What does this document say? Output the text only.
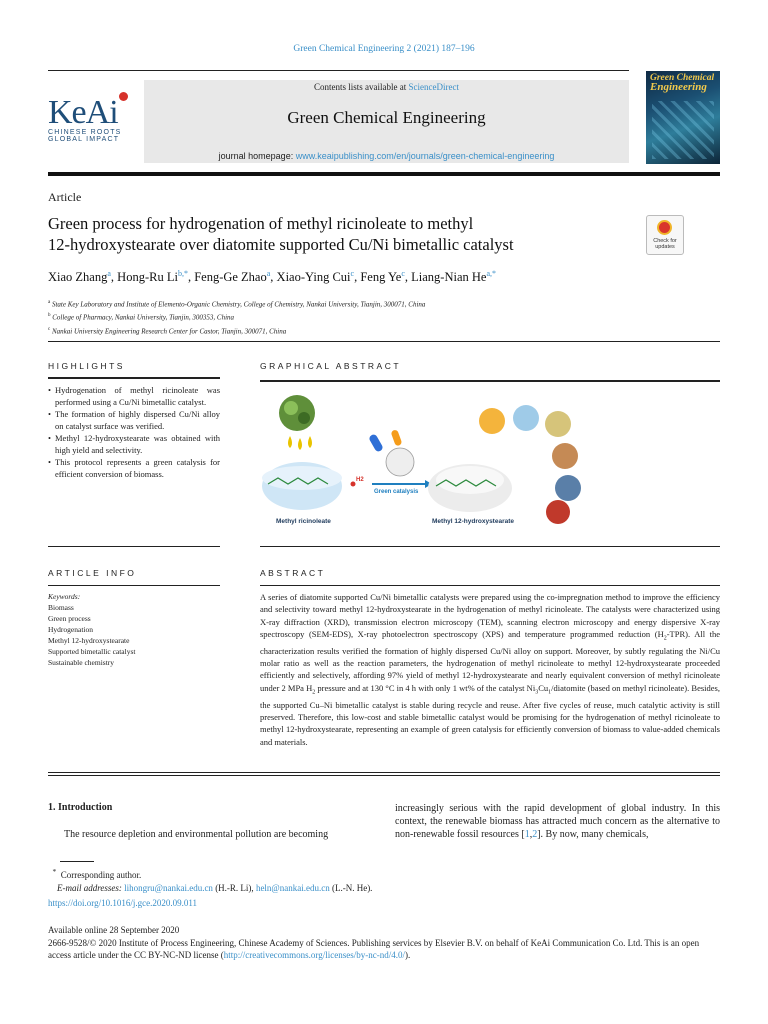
Green Chemical Engineering 2 (2021) 187–196
KeAi
CHINESE ROOTS
GLOBAL IMPACT
Contents lists available at ScienceDirect
Green Chemical Engineering
journal homepage: www.keaipublishing.com/en/journals/green-chemical-engineering
Green Chemical
Engineering
Article
Green process for hydrogenation of methyl ricinoleate to methyl
12-hydroxystearate over diatomite supported Cu/Ni bimetallic catalyst	Check for updates
Xiao Zhang$^a$, Hong-Ru $Li^{b,*}$, Feng-Ge Zhao$^a$, Xiao-Ying Cui$^c$, Feng Ye$^c$, Liang-Nian $He^{a,*}$
$^a$ State Key Laboratory and Institute of Elemento-Organic Chemistry, College of Chemistry, Nankai University, Tianjin, 300071, China
$^b$ College of Pharmacy, Nankai University, Tianjin, 300353, China
$^c$ Nankai University Engineering Research Center for Castor, Tianjin, 300071, China
HIGHLIGHTS	GRAPHICAL ABSTRACT
• Hydrogenation of methyl ricinoleate was performed using a Cu/Ni bimetallic catalyst.
• The formation of highly dispersed Cu/Ni alloy on catalyst surface was verified.
• Methyl 12-hydroxystearate was obtained with high yield and selectivity.
• This protocol represents a green catalysis for efficient conversion of biomass.
Methyl ricinoleate	Methyl 12-hydroxystearate
Green catalysis
H2
ARTICLE INFO	ABSTRACT
Keywords:
Biomass
Green process
Hydrogenation
Methyl 12-hydroxystearate
Supported bimetallic catalyst
Sustainable chemistry
A series of diatomite supported Cu/Ni bimetallic catalysts were prepared using the co-impregnation method to improve the efficiency and selectivity toward methyl 12-hydroxystearate in the hydrogenation of methyl ricinoleate. The catalysts were characterized using X-ray diffraction (XRD), transmission electron microscopy (TEM), scanning electron microscopy and energy dispersive X-ray spectroscopy (SEM-EDS), X-ray photoelectron spectroscopy (XPS) and temperature programmed reduction $(H_2-TPR)$. All the characterization results verified the formation of highly dispersed Cu/Ni alloy on support. Moreover, by subtly regulating the Ni/Cu molar ratio as well as the reaction parameters, the hydrogenation of methyl ricinoleate to methyl 12-hydroxystearate proceeded efficiently and selectively, affording 97% yield of methyl 12-hydroxystearate and nearly equivalent conversion of methyl ricinoleate under 2 MPa $H_2$ pressure and at 130 °C in 4 h with only 1 wt% of the catalyst $Ni_3Cu_1$/diatomite (based on methyl ricinoleate). Besides, the supported Cu–Ni bimetallic catalyst is stable during recycle and reuse. After five cycles of reuse, much catalytic activity is still preserved. Therefore, this low-cost and stable bimetallic catalyst would be promising for the hydrogenation of methyl ricinoleate to methyl 12-hydroxystearate, representing an example of green catalysis for efficiently conversion of biomass to value-added chemicals and materials.
1. Introduction
The resource depletion and environmental pollution are becoming
increasingly serious with the rapid development of global industry. In this context, the renewable biomass has attracted much concern as the alternative to non-renewable fossil resources [1,2]. By now, many chemicals,
* Corresponding author.
E-mail addresses: lihongru@nankai.edu.cn (H.-R. Li), heln@nankai.edu.cn (L.-N. He).
https://doi.org/10.1016/j.gce.2020.09.011
Available online 28 September 2020
2666-9528/© 2020 Institute of Process Engineering, Chinese Academy of Sciences. Publishing services by Elsevier B.V. on behalf of KeAi Communication Co. Ltd. This is an open access article under the CC BY-NC-ND license (http://creativecommons.org/licenses/by-nc-nd/4.0/).
